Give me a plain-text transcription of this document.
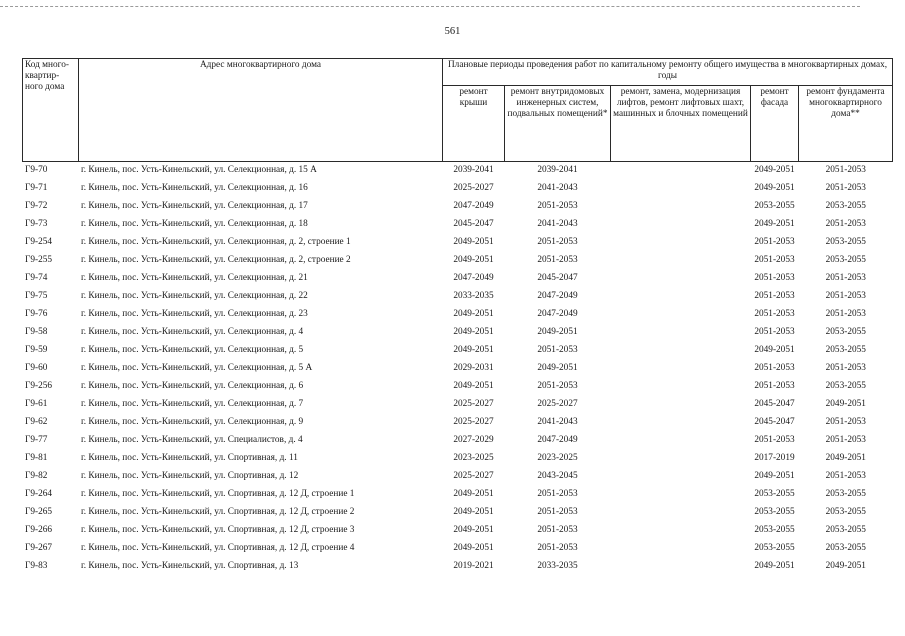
561
Код много-квартир-ного дома	Адрес многоквартирного дома	Плановые периоды проведения работ по капитальному ремонту общего имущества в многоквартирных домах, годы				
		ремонт крыши	ремонт внутридомовых инженерных систем, подвальных помещений*	ремонт, замена, модернизация лифтов, ремонт лифтовых шахт, машинных и блочных помещений	ремонт фасада	ремонт фундамента многоквартирного дома**
Г9-70	г. Кинель, пос. Усть-Кинельский, ул. Селекционная, д. 15 А	2039-2041	2039-2041		2049-2051	2051-2053
Г9-71	г. Кинель, пос. Усть-Кинельский, ул. Селекционная, д. 16	2025-2027	2041-2043		2049-2051	2051-2053
Г9-72	г. Кинель, пос. Усть-Кинельский, ул. Селекционная, д. 17	2047-2049	2051-2053		2053-2055	2053-2055
Г9-73	г. Кинель, пос. Усть-Кинельский, ул. Селекционная, д. 18	2045-2047	2041-2043		2049-2051	2051-2053
Г9-254	г. Кинель, пос. Усть-Кинельский, ул. Селекционная, д. 2, строение 1	2049-2051	2051-2053		2051-2053	2053-2055
Г9-255	г. Кинель, пос. Усть-Кинельский, ул. Селекционная, д. 2, строение 2	2049-2051	2051-2053		2051-2053	2053-2055
Г9-74	г. Кинель, пос. Усть-Кинельский, ул. Селекционная, д. 21	2047-2049	2045-2047		2051-2053	2051-2053
Г9-75	г. Кинель, пос. Усть-Кинельский, ул. Селекционная, д. 22	2033-2035	2047-2049		2051-2053	2051-2053
Г9-76	г. Кинель, пос. Усть-Кинельский, ул. Селекционная, д. 23	2049-2051	2047-2049		2051-2053	2051-2053
Г9-58	г. Кинель, пос. Усть-Кинельский, ул. Селекционная, д. 4	2049-2051	2049-2051		2051-2053	2053-2055
Г9-59	г. Кинель, пос. Усть-Кинельский, ул. Селекционная, д. 5	2049-2051	2051-2053		2049-2051	2053-2055
Г9-60	г. Кинель, пос. Усть-Кинельский, ул. Селекционная, д. 5 А	2029-2031	2049-2051		2051-2053	2051-2053
Г9-256	г. Кинель, пос. Усть-Кинельский, ул. Селекционная, д. 6	2049-2051	2051-2053		2051-2053	2053-2055
Г9-61	г. Кинель, пос. Усть-Кинельский, ул. Селекционная, д. 7	2025-2027	2025-2027		2045-2047	2049-2051
Г9-62	г. Кинель, пос. Усть-Кинельский, ул. Селекционная, д. 9	2025-2027	2041-2043		2045-2047	2051-2053
Г9-77	г. Кинель, пос. Усть-Кинельский, ул. Специалистов, д. 4	2027-2029	2047-2049		2051-2053	2051-2053
Г9-81	г. Кинель, пос. Усть-Кинельский, ул. Спортивная, д. 11	2023-2025	2023-2025		2017-2019	2049-2051
Г9-82	г. Кинель, пос. Усть-Кинельский, ул. Спортивная, д. 12	2025-2027	2043-2045		2049-2051	2051-2053
Г9-264	г. Кинель, пос. Усть-Кинельский, ул. Спортивная, д. 12 Д, строение 1	2049-2051	2051-2053		2053-2055	2053-2055
Г9-265	г. Кинель, пос. Усть-Кинельский, ул. Спортивная, д. 12 Д, строение 2	2049-2051	2051-2053		2053-2055	2053-2055
Г9-266	г. Кинель, пос. Усть-Кинельский, ул. Спортивная, д. 12 Д, строение 3	2049-2051	2051-2053		2053-2055	2053-2055
Г9-267	г. Кинель, пос. Усть-Кинельский, ул. Спортивная, д. 12 Д, строение 4	2049-2051	2051-2053		2053-2055	2053-2055
Г9-83	г. Кинель, пос. Усть-Кинельский, ул. Спортивная, д. 13	2019-2021	2033-2035		2049-2051	2049-2051
